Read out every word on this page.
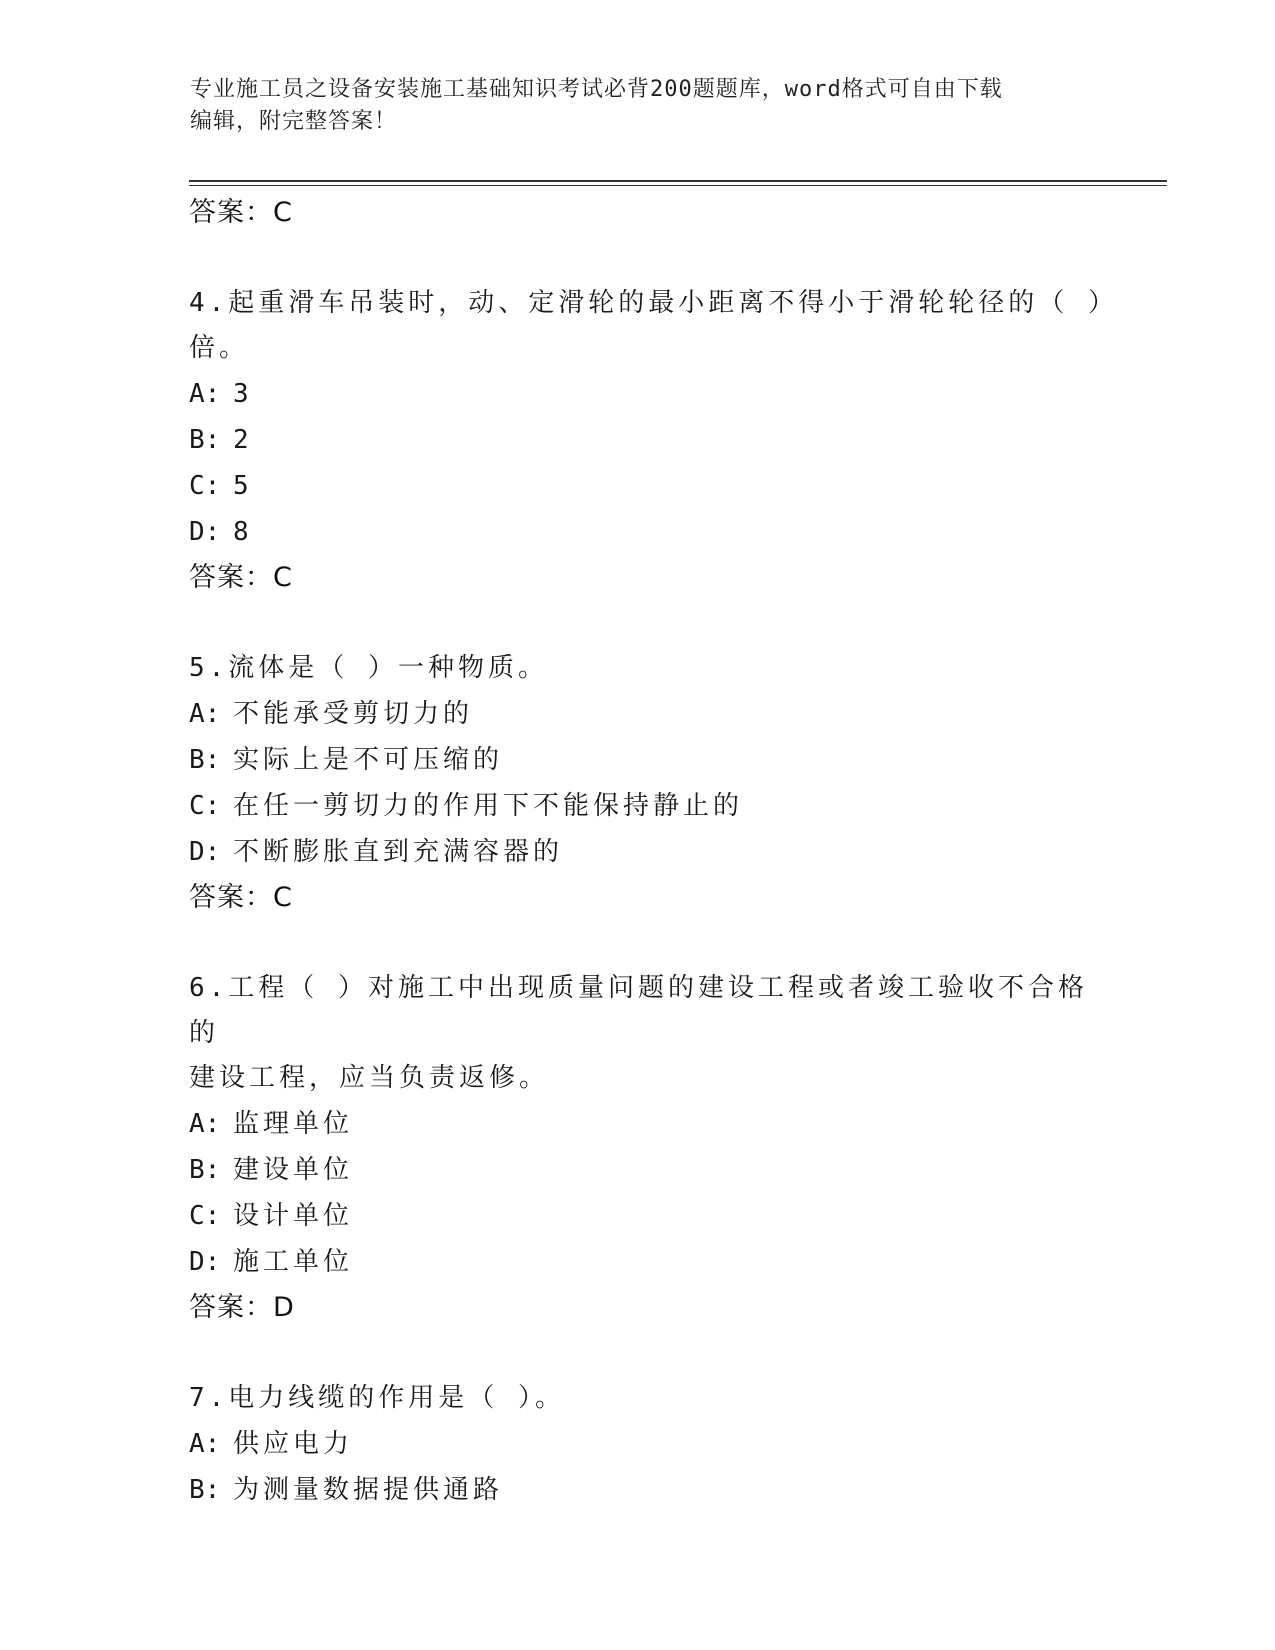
专业施工员之设备安装施工基础知识考试必背200题题库，word格式可自由下载
编辑，附完整答案！
答案：C
4.起重滑车吊装时，动、定滑轮的最小距离不得小于滑轮轮径的（ ）
倍。
A: 3
B: 2
C: 5
D: 8
答案：C
5.流体是（ ）一种物质。
A: 不能承受剪切力的
B: 实际上是不可压缩的
C: 在任一剪切力的作用下不能保持静止的
D: 不断膨胀直到充满容器的
答案：C
6.工程（ ）对施工中出现质量问题的建设工程或者竣工验收不合格的
建设工程，应当负责返修。
A: 监理单位
B: 建设单位
C: 设计单位
D: 施工单位
答案：D
7.电力线缆的作用是（ ）。
A: 供应电力
B: 为测量数据提供通路
